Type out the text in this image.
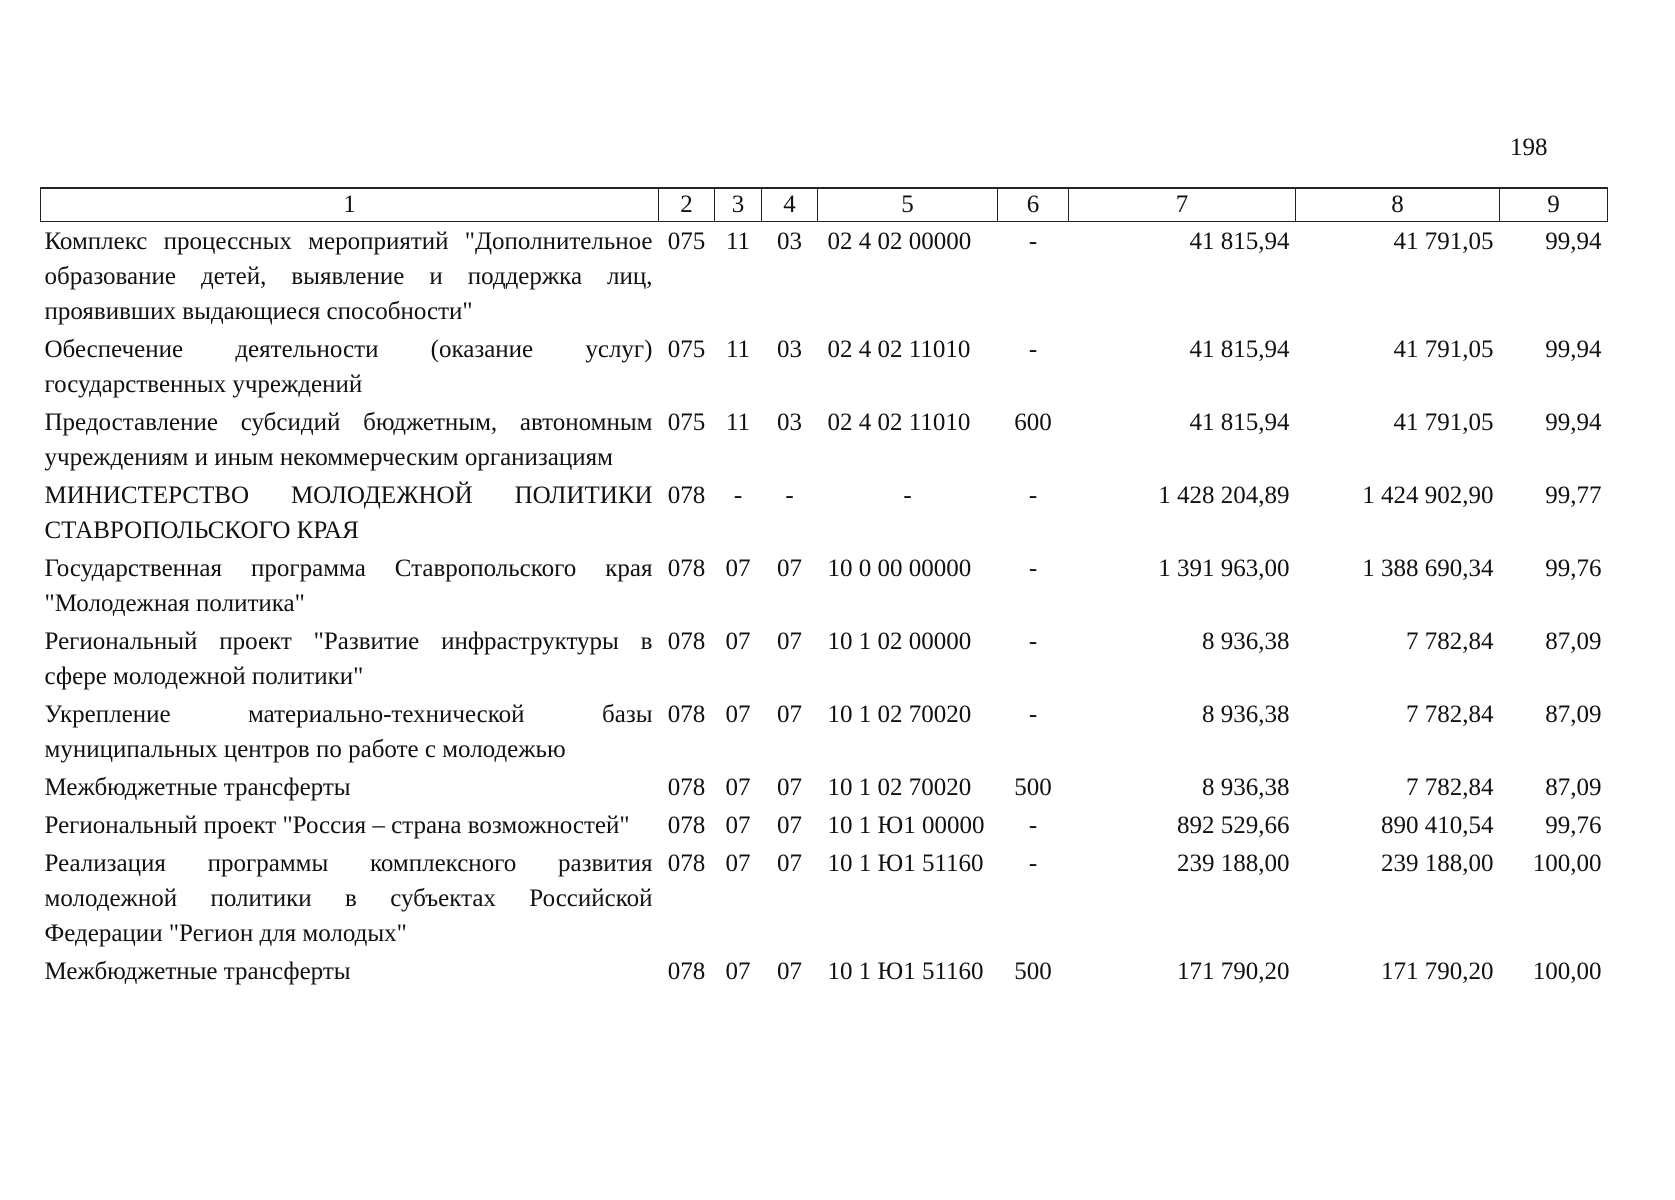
198
1	2	3	4	5	6	7	8	9
Комплекс процессных мероприятий "Дополнительное образование детей, выявление и поддержка лиц, проявивших выдающиеся способности"	075	11	03	02 4 02 00000	-	41 815,94	41 791,05	99,94
Обеспечение деятельности (оказание услуг) государственных учреждений	075	11	03	02 4 02 11010	-	41 815,94	41 791,05	99,94
Предоставление субсидий бюджетным, автономным учреждениям и иным некоммерческим организациям	075	11	03	02 4 02 11010	600	41 815,94	41 791,05	99,94
МИНИСТЕРСТВО МОЛОДЕЖНОЙ ПОЛИТИКИ СТАВРОПОЛЬСКОГО КРАЯ	078	-	-	-	-	1 428 204,89	1 424 902,90	99,77
Государственная программа Ставропольского края "Молодежная политика"	078	07	07	10 0 00 00000	-	1 391 963,00	1 388 690,34	99,76
Региональный проект "Развитие инфраструктуры в сфере молодежной политики"	078	07	07	10 1 02 00000	-	8 936,38	7 782,84	87,09
Укрепление материально-технической базы муниципальных центров по работе с молодежью	078	07	07	10 1 02 70020	-	8 936,38	7 782,84	87,09
Межбюджетные трансферты	078	07	07	10 1 02 70020	500	8 936,38	7 782,84	87,09
Региональный проект "Россия – страна возможностей"	078	07	07	10 1 Ю1 00000	-	892 529,66	890 410,54	99,76
Реализация программы комплексного развития молодежной политики в субъектах Российской Федерации "Регион для молодых"	078	07	07	10 1 Ю1 51160	-	239 188,00	239 188,00	100,00
Межбюджетные трансферты	078	07	07	10 1 Ю1 51160	500	171 790,20	171 790,20	100,00
